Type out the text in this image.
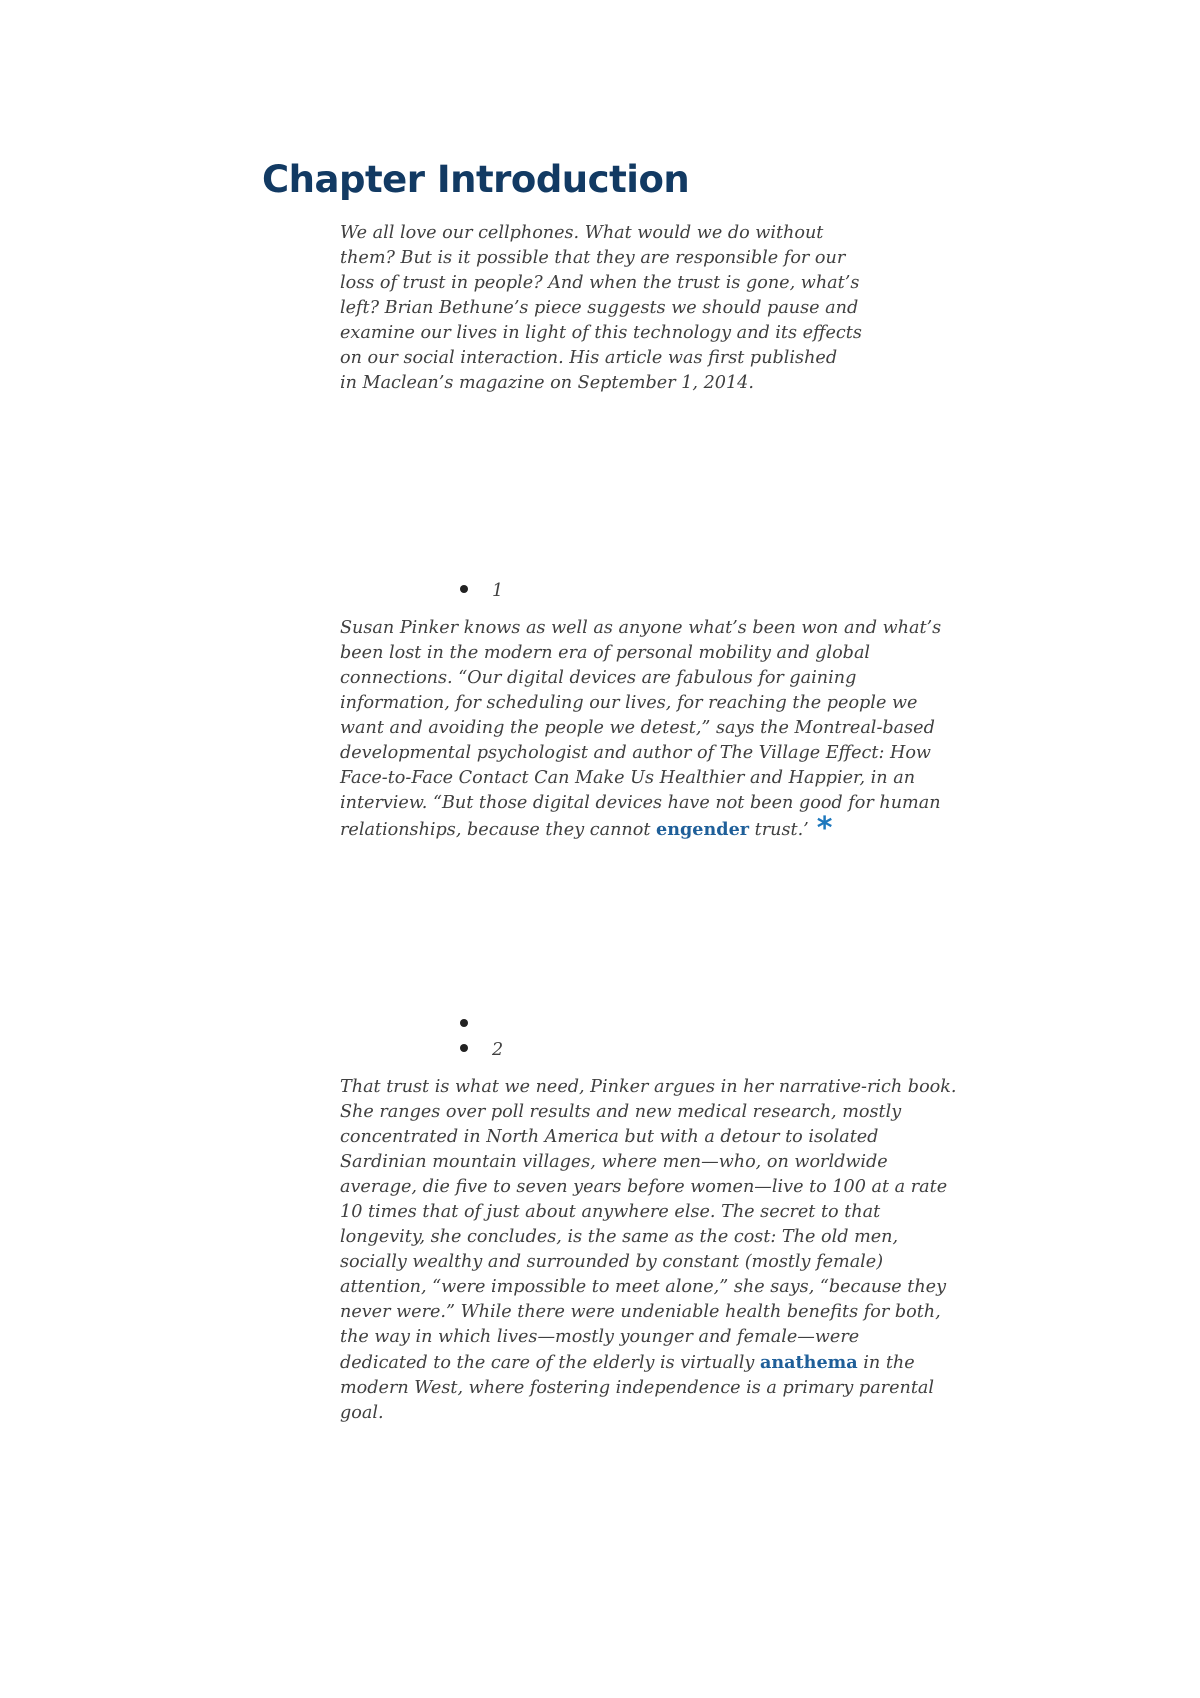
Chapter Introduction

We all love our cellphones. What would we do without
them? But is it possible that they are responsible for our
loss of trust in people? And when the trust is gone, what’s
left? Brian Bethune’s piece suggests we should pause and
examine our lives in light of this technology and its effects
on our social interaction. His article was first published
in Maclean’s magazine on September 1, 2014.

1

Susan Pinker knows as well as anyone what’s been won and what’s
been lost in the modern era of personal mobility and global
connections. “Our digital devices are fabulous for gaining
information, for scheduling our lives, for reaching the people we
want and avoiding the people we detest,” says the Montreal-based
developmental psychologist and author of The Village Effect: How
Face-to-Face Contact Can Make Us Healthier and Happier, in an
interview. “But those digital devices have not been good for human
relationships, because they cannot engender trust.’ *

2

That trust is what we need, Pinker argues in her narrative-rich book.
She ranges over poll results and new medical research, mostly
concentrated in North America but with a detour to isolated
Sardinian mountain villages, where men—who, on worldwide
average, die five to seven years before women—live to 100 at a rate
10 times that of just about anywhere else. The secret to that
longevity, she concludes, is the same as the cost: The old men,
socially wealthy and surrounded by constant (mostly female)
attention, “were impossible to meet alone,” she says, “because they
never were.” While there were undeniable health benefits for both,
the way in which lives—mostly younger and female—were
dedicated to the care of the elderly is virtually anathema in the
modern West, where fostering independence is a primary parental
goal.
